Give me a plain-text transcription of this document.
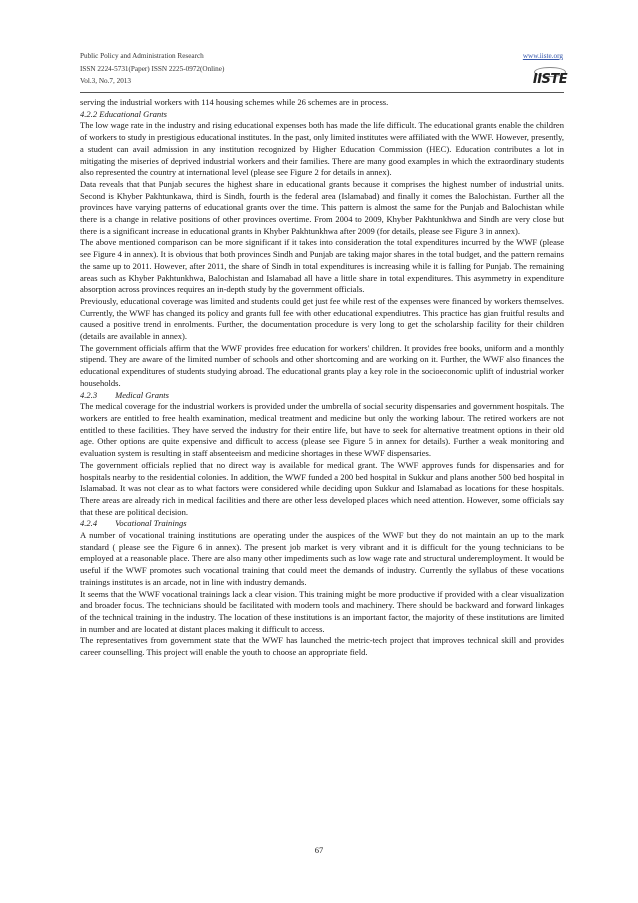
Public Policy and Administration Research	www.iiste.org
ISSN 2224-5731(Paper) ISSN 2225-0972(Online)
Vol.3, No.7, 2013	IISTE

serving the industrial workers with 114 housing schemes while 26 schemes are in process.

4.2.2 Educational Grants

The low wage rate in the industry and rising educational expenses both has made the life difficult. The educational grants enable the children of workers to study in prestigious educational institutes. In the past, only limited institutes were affiliated with the WWF. However, presently, a student can avail admission in any institution recognized by Higher Education Commission (HEC). Education contributes a lot in mitigating the miseries of deprived industrial workers and their families. There are many good examples in which the extraordinary students also represented the country at international level (please see Figure 2 for details in annex).

Data reveals that that Punjab secures the highest share in educational grants because it comprises the highest number of industrial units. Second is Khyber Pakhtunkawa, third is Sindh, fourth is the federal area (Islamabad) and finally it comes the Balochistan. Further all the provinces have varying patterns of educational grants over the time. This pattern is almost the same for the Punjab and Balochistan while there is a change in relative positions of other provinces overtime. From 2004 to 2009, Khyber Pakhtunkhwa and Sindh are very close but there is a significant increase in educational grants in Khyber Pakhtunkhwa after 2009 (for details, please see Figure 3 in annex).

The above mentioned comparison can be more significant if it takes into consideration the total expenditures incurred by the WWF (please see Figure 4 in annex). It is obvious that both provinces Sindh and Punjab are taking major shares in the total budget, and the pattern remains the same up to 2011. However, after 2011, the share of Sindh in total expenditures is increasing while it is falling for Punjab. The remaining areas such as Khyber Pakhtunkhwa, Balochistan and Islamabad all have a little share in total expenditures. This asymmetry in expenditure absorption across provinces requires an in-depth study by the government officials.

Previously, educational coverage was limited and students could get just fee while rest of the expenses were financed by workers themselves. Currently, the WWF has changed its policy and grants full fee with other educational expendiutres. This practice has gian fruitful results and caused a positive trend in enrolments. Further, the documentation procedure is very long to get the scholarship facility for their children (details are available in annex).

The government officials affirm that the WWF provides free education for workers' children. It provides free books, uniform and a monthly stipend. They are aware of the limited number of schools and other shortcoming and are working on it. Further, the WWF also finances the educational expenditures of students studying abroad. The educational grants play a key role in the socioeconomic uplift of industrial worker households.

4.2.3 Medical Grants

The medical coverage for the industrial workers is provided under the umbrella of social security dispensaries and government hospitals. The workers are entitled to free health examination, medical treatment and medicine but only the working labour. The retired workers are not entitled to these facilities. They have served the industry for their entire life, but have to seek for alternative treatment options in their old age. Other options are quite expensive and difficult to access (please see Figure 5 in annex for details). Further a weak monitoring and evaluation system is resulting in staff absenteeism and medicine shortages in these WWF dispensaries.

The government officials replied that no direct way is available for medical grant. The WWF approves funds for dispensaries and for hospitals nearby to the residential colonies. In addition, the WWF funded a 200 bed hospital in Sukkur and plans another 500 bed hospital in Islamabad. It was not clear as to what factors were considered while deciding upon Sukkur and Islamabad as locations for these hospitals. There areas are already rich in medical facilities and there are other less developed places which need attention. However, some officials say that these are political decision.

4.2.4 Vocational Trainings

A number of vocational training institutions are operating under the auspices of the WWF but they do not maintain an up to the mark standard ( please see the Figure 6 in annex). The present job market is very vibrant and it is difficult for the young technicians to be employed at a reasonable place. There are also many other impediments such as low wage rate and structural underemployment. It would be useful if the WWF promotes such vocational training that could meet the demands of industry. Currently the syllabus of these vocations trainings institutes is an arcade, not in line with industry demands.

It seems that the WWF vocational trainings lack a clear vision. This training might be more productive if provided with a clear visualization and broader focus. The technicians should be facilitated with modern tools and machinery. There should be backward and forward linkages of the technical training in the industry. The location of these institutions is an important factor, the majority of these institutions are limited in number and are located at distant places making it difficult to access.

The representatives from government state that the WWF has launched the metric-tech project that improves technical skill and provides career counselling. This project will enable the youth to choose an appropriate field.

67
